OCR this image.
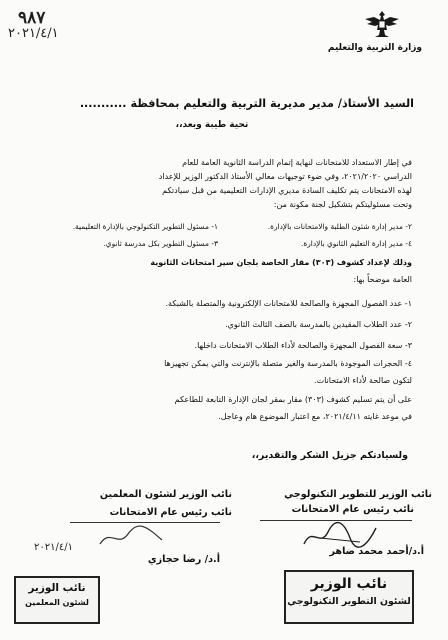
٩٨٧
٢٠٢١/٤/١
وزارة التربية والتعليم
السيد الأستاذ/ مدير مديرية التربية والتعليم بمحافظة ...........
تحية طيبة وبعد،،
في إطار الاستعداد للامتحانات لنهاية إتمام الدراسة الثانوية العامة للعام
الدراسي ٢٠٢١/٢٠٢٠، وفي ضوء توجيهات معالي الأستاذ الدكتور الوزير للإعداد
لهذه الامتحانات يتم تكليف السادة مديري الإدارات التعليمية من قبل سيادتكم
وتحت مسئوليتكم بتشكيل لجنة مكونة من:
١- مسئول التطوير التكنولوجي بالإدارة التعليمية.	٢- مدير إدارة شئون الطلبة والامتحانات بالإدارة.
٣- مسئول التطوير بكل مدرسة ثانوي.	٤- مدير إدارة التعليم الثانوي بالإدارة.
وذلك لإعداد كشوف (٣٠٣) مقار الخاصة بلجان سير امتحانات الثانوية
العامة موضحاً بها:
١- عدد الفصول المجهزة والصالحة للامتحانات الإلكترونية والمتصلة بالشبكة.
٢- عدد الطلاب المقيدين بالمدرسة بالصف الثالث الثانوي.
٣- سعة الفصول المجهزة والصالحة لأداء الطلاب الامتحانات داخلها.
٤- الحجرات الموجودة بالمدرسة والغير متصلة بالإنترنت والتي يمكن تجهيزها
لتكون صالحة لأداء الامتحانات.
على أن يتم تسليم كشوف (٣٠٣) مقار بمقر لجان الإدارة التابعة للطاعكم
في موعد غايته ٢٠٢١/٤/١١، مع اعتبار الموضوع هام وعاجل.
ولسيادتكم جزيل الشكر والتقدير،،
نائب الوزير للتطوير التكنولوجي
نائب رئيس عام الامتحانات
أ.د/أحمد محمد ضاهر
نائب الوزير
لشئون التطوير التكنولوجي
نائب الوزير لشئون المعلمين
نائب رئيس عام الامتحانات
٢٠٢١/٤/١
أ.د/ رضا حجازي
نائب الوزير
لشئون المعلمين
